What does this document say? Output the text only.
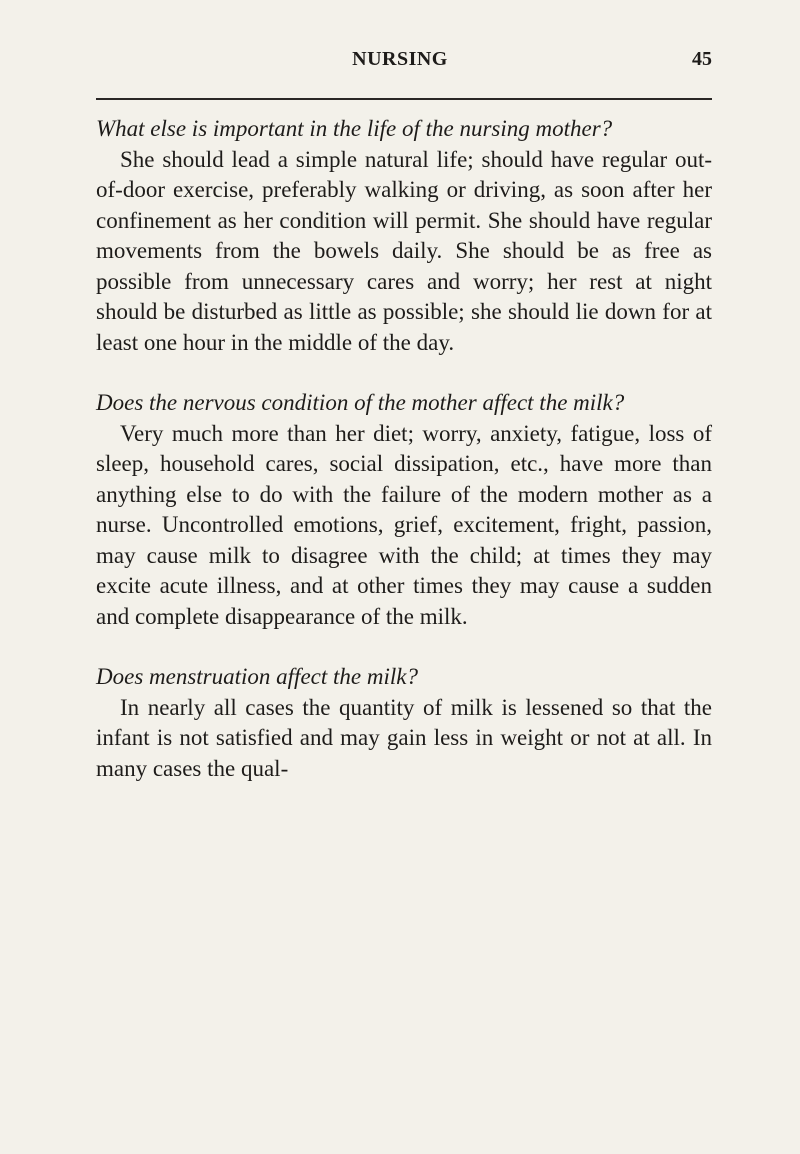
NURSING	45

What else is important in the life of the nursing mother?

She should lead a simple natural life; should have regular out-of-door exercise, preferably walking or driving, as soon after her confinement as her condition will permit. She should have regular movements from the bowels daily. She should be as free as possible from unnecessary cares and worry; her rest at night should be disturbed as little as possible; she should lie down for at least one hour in the middle of the day.

Does the nervous condition of the mother affect the milk?

Very much more than her diet; worry, anxiety, fatigue, loss of sleep, household cares, social dissipation, etc., have more than anything else to do with the failure of the modern mother as a nurse. Uncontrolled emotions, grief, excitement, fright, passion, may cause milk to disagree with the child; at times they may excite acute illness, and at other times they may cause a sudden and complete disappearance of the milk.

Does menstruation affect the milk?

In nearly all cases the quantity of milk is lessened so that the infant is not satisfied and may gain less in weight or not at all. In many cases the qual-
